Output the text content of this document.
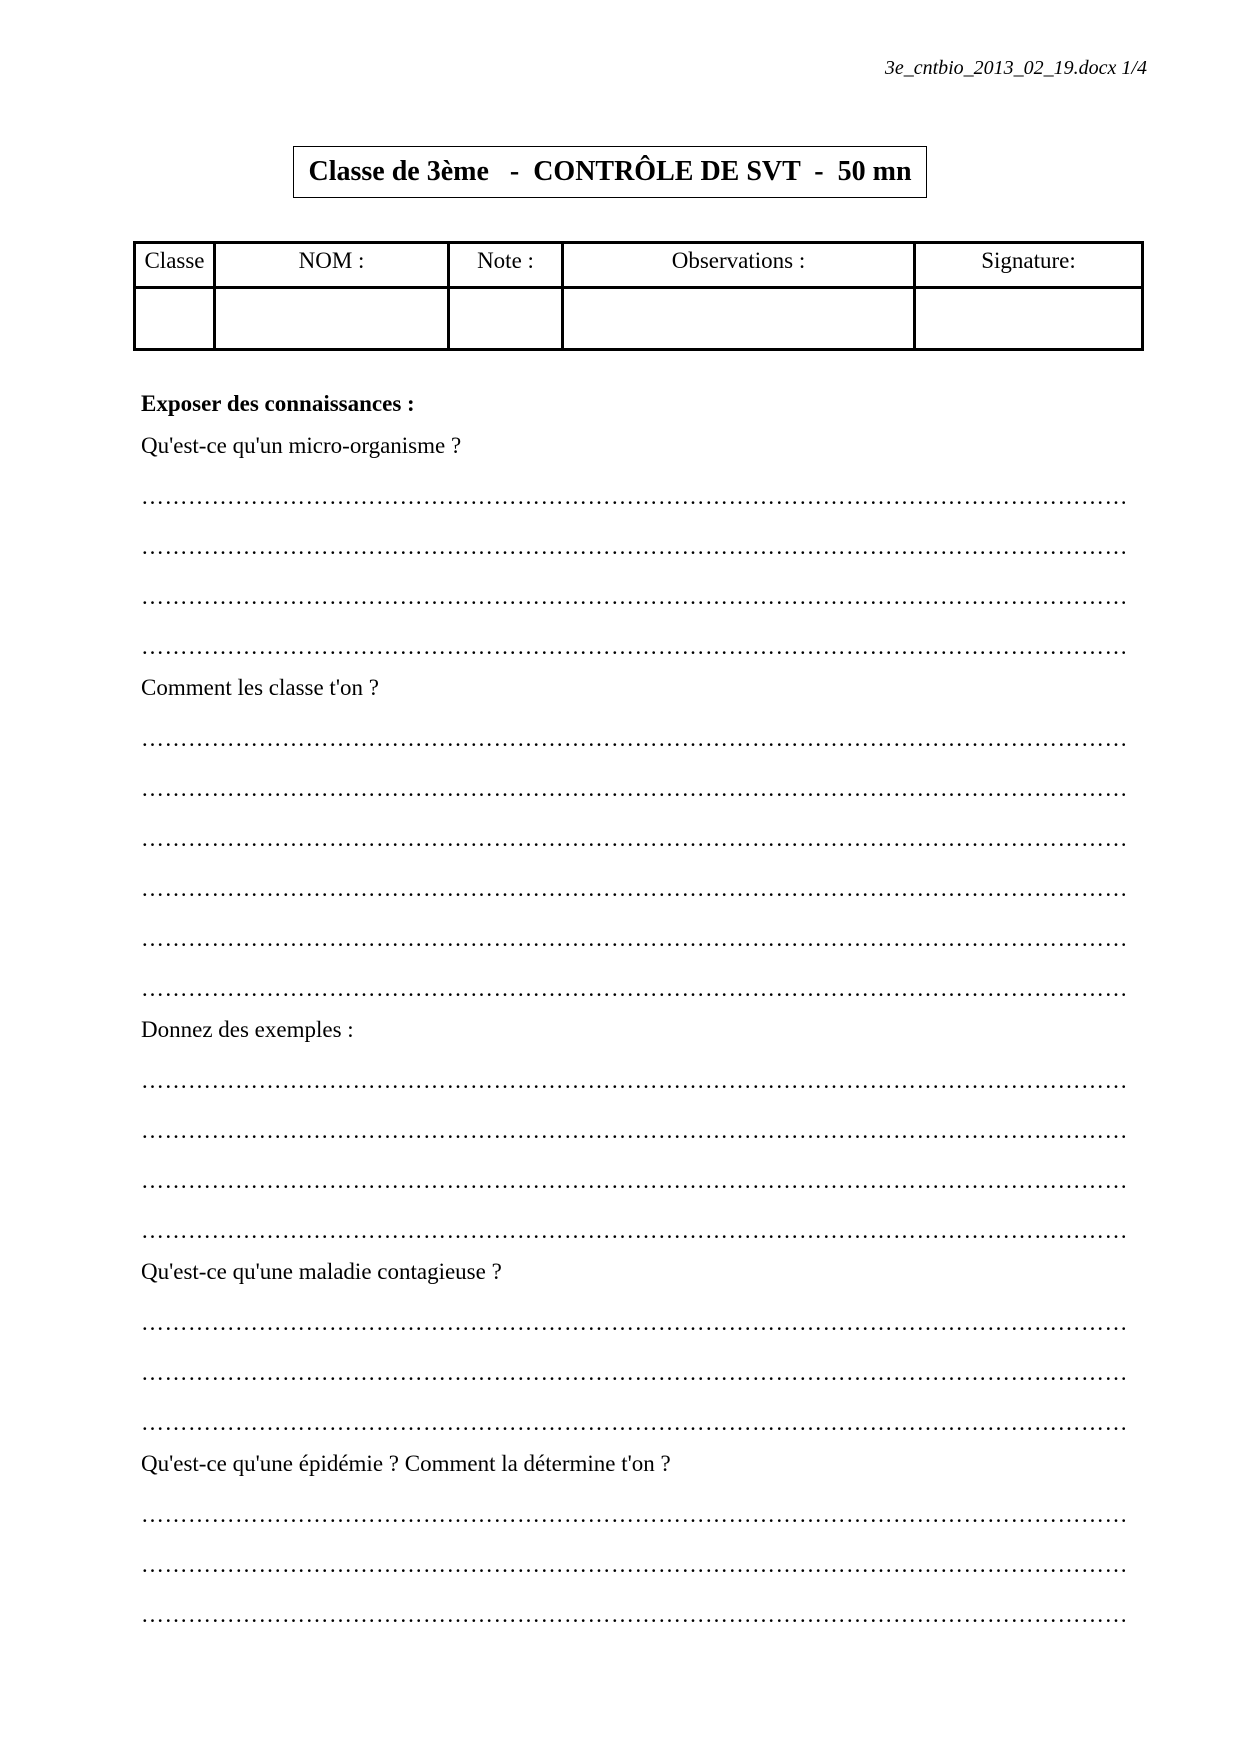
3e_cntbio_2013_02_19.docx 1/4
Classe de 3ème   -  CONTRÔLE DE SVT  -  50 mn
Classe	NOM :	Note :	Observations :	Signature:

Exposer des connaissances :
Qu'est-ce qu'un micro-organisme ?
………………………………………………………………………………………………………………
………………………………………………………………………………………………………………
………………………………………………………………………………………………………………
………………………………………………………………………………………………………………
Comment les classe t'on ?
………………………………………………………………………………………………………………
………………………………………………………………………………………………………………
………………………………………………………………………………………………………………
………………………………………………………………………………………………………………
………………………………………………………………………………………………………………
………………………………………………………………………………………………………………
Donnez des exemples :
………………………………………………………………………………………………………………
………………………………………………………………………………………………………………
………………………………………………………………………………………………………………
………………………………………………………………………………………………………………
Qu'est-ce qu'une maladie contagieuse ?
………………………………………………………………………………………………………………
………………………………………………………………………………………………………………
………………………………………………………………………………………………………………
Qu'est-ce qu'une épidémie ? Comment la détermine t'on ?
………………………………………………………………………………………………………………
………………………………………………………………………………………………………………
………………………………………………………………………………………………………………
